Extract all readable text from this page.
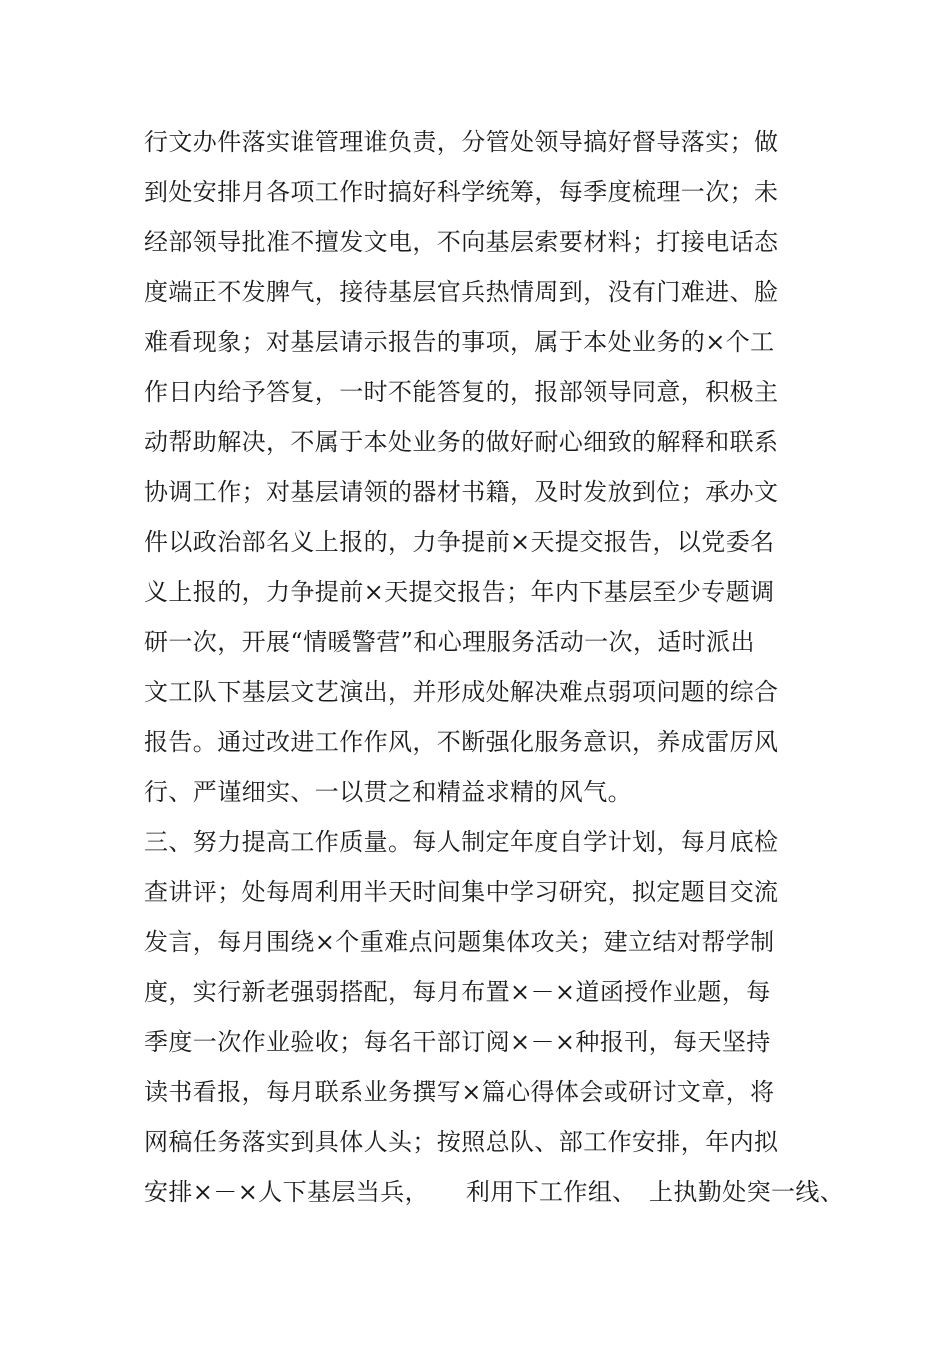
行文办件落实谁管理谁负责，分管处领导搞好督导落实；做
到处安排月各项工作时搞好科学统筹，每季度梳理一次；未
经部领导批准不擅发文电，不向基层索要材料；打接电话态
度端正不发脾气，接待基层官兵热情周到，没有门难进、脸
难看现象；对基层请示报告的事项，属于本处业务的×个工
作日内给予答复，一时不能答复的，报部领导同意，积极主
动帮助解决，不属于本处业务的做好耐心细致的解释和联系
协调工作；对基层请领的器材书籍，及时发放到位；承办文
件以政治部名义上报的，力争提前×天提交报告，以党委名
义上报的，力争提前×天提交报告；年内下基层至少专题调
研一次，开展“情暖警营”和心理服务活动一次，适时派出
文工队下基层文艺演出，并形成处解决难点弱项问题的综合
报告。通过改进工作作风，不断强化服务意识，养成雷厉风
行、严谨细实、一以贯之和精益求精的风气。
三、努力提高工作质量。每人制定年度自学计划，每月底检
查讲评；处每周利用半天时间集中学习研究，拟定题目交流
发言，每月围绕×个重难点问题集体攻关；建立结对帮学制
度，实行新老强弱搭配，每月布置×－×道函授作业题，每
季度一次作业验收；每名干部订阅×－×种报刊，每天坚持
读书看报，每月联系业务撰写×篇心得体会或研讨文章，将
网稿任务落实到具体人头；按照总队、部工作安排，年内拟
安排×－×人下基层当兵，　　利用下工作组、　上执勤处突一线、
